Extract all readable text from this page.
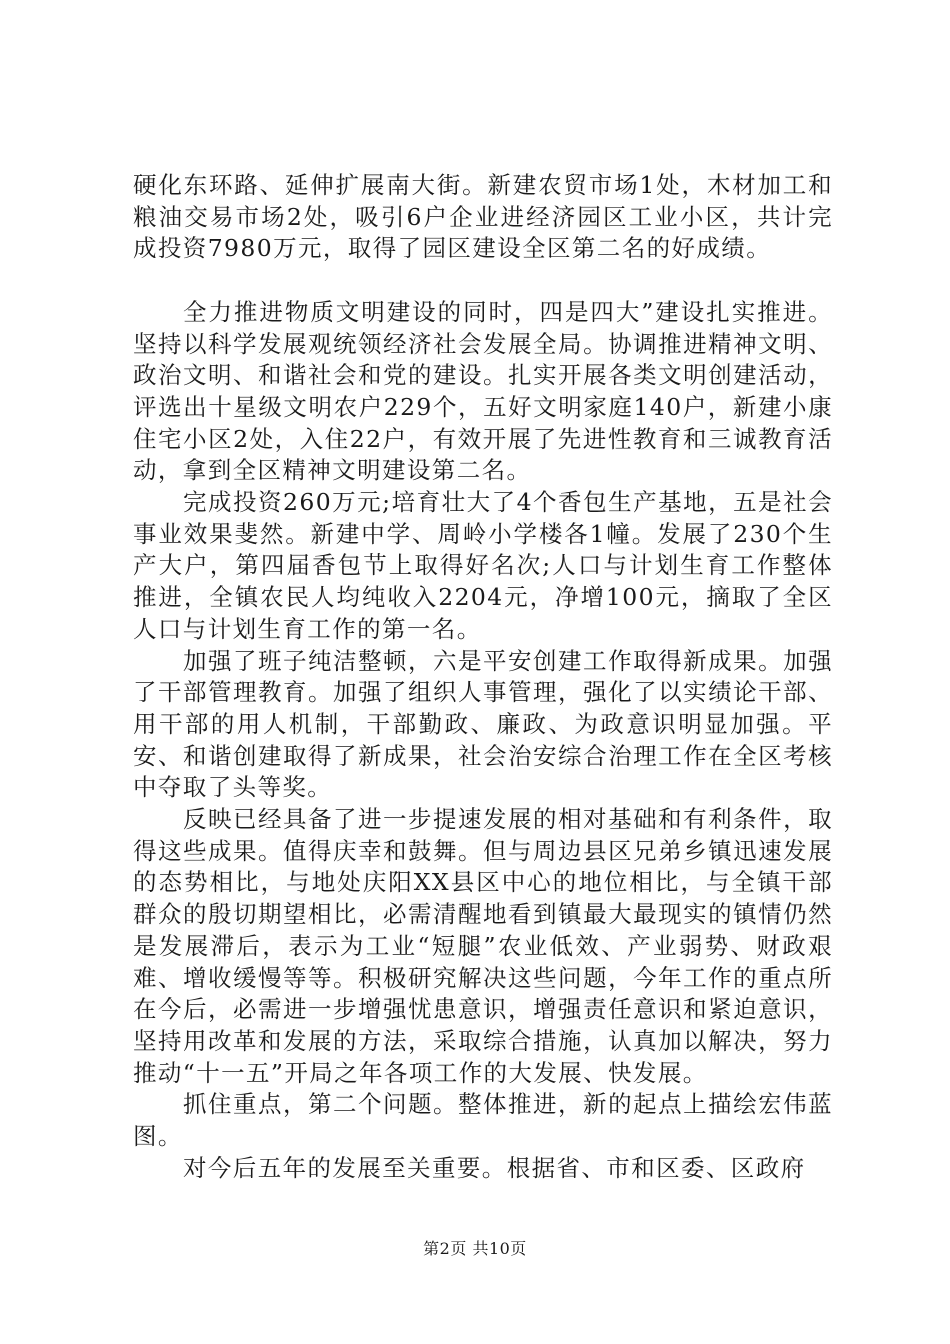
硬化东环路、延伸扩展南大街。新建农贸市场1处，木材加工和粮油交易市场2处，吸引6户企业进经济园区工业小区，共计完成投资7980万元，取得了园区建设全区第二名的好成绩。

全力推进物质文明建设的同时，四是四大”建设扎实推进。坚持以科学发展观统领经济社会发展全局。协调推进精神文明、政治文明、和谐社会和党的建设。扎实开展各类文明创建活动，评选出十星级文明农户229个，五好文明家庭140户，新建小康住宅小区2处，入住22户，有效开展了先进性教育和三诚教育活动，拿到全区精神文明建设第二名。

完成投资260万元;培育壮大了4个香包生产基地，五是社会事业效果斐然。新建中学、周岭小学楼各1幢。发展了230个生产大户，第四届香包节上取得好名次;人口与计划生育工作整体推进，全镇农民人均纯收入2204元，净增100元，摘取了全区人口与计划生育工作的第一名。

加强了班子纯洁整顿，六是平安创建工作取得新成果。加强了干部管理教育。加强了组织人事管理，强化了以实绩论干部、用干部的用人机制，干部勤政、廉政、为政意识明显加强。平安、和谐创建取得了新成果，社会治安综合治理工作在全区考核中夺取了头等奖。

反映已经具备了进一步提速发展的相对基础和有利条件，取得这些成果。值得庆幸和鼓舞。但与周边县区兄弟乡镇迅速发展的态势相比，与地处庆阳XX县区中心的地位相比，与全镇干部群众的殷切期望相比，必需清醒地看到镇最大最现实的镇情仍然是发展滞后，表示为工业“短腿”农业低效、产业弱势、财政艰难、增收缓慢等等。积极研究解决这些问题，今年工作的重点所在今后，必需进一步增强忧患意识，增强责任意识和紧迫意识，坚持用改革和发展的方法，采取综合措施，认真加以解决，努力推动“十一五”开局之年各项工作的大发展、快发展。

抓住重点，第二个问题。整体推进，新的起点上描绘宏伟蓝图。

对今后五年的发展至关重要。根据省、市和区委、区政府

第2页 共10页
